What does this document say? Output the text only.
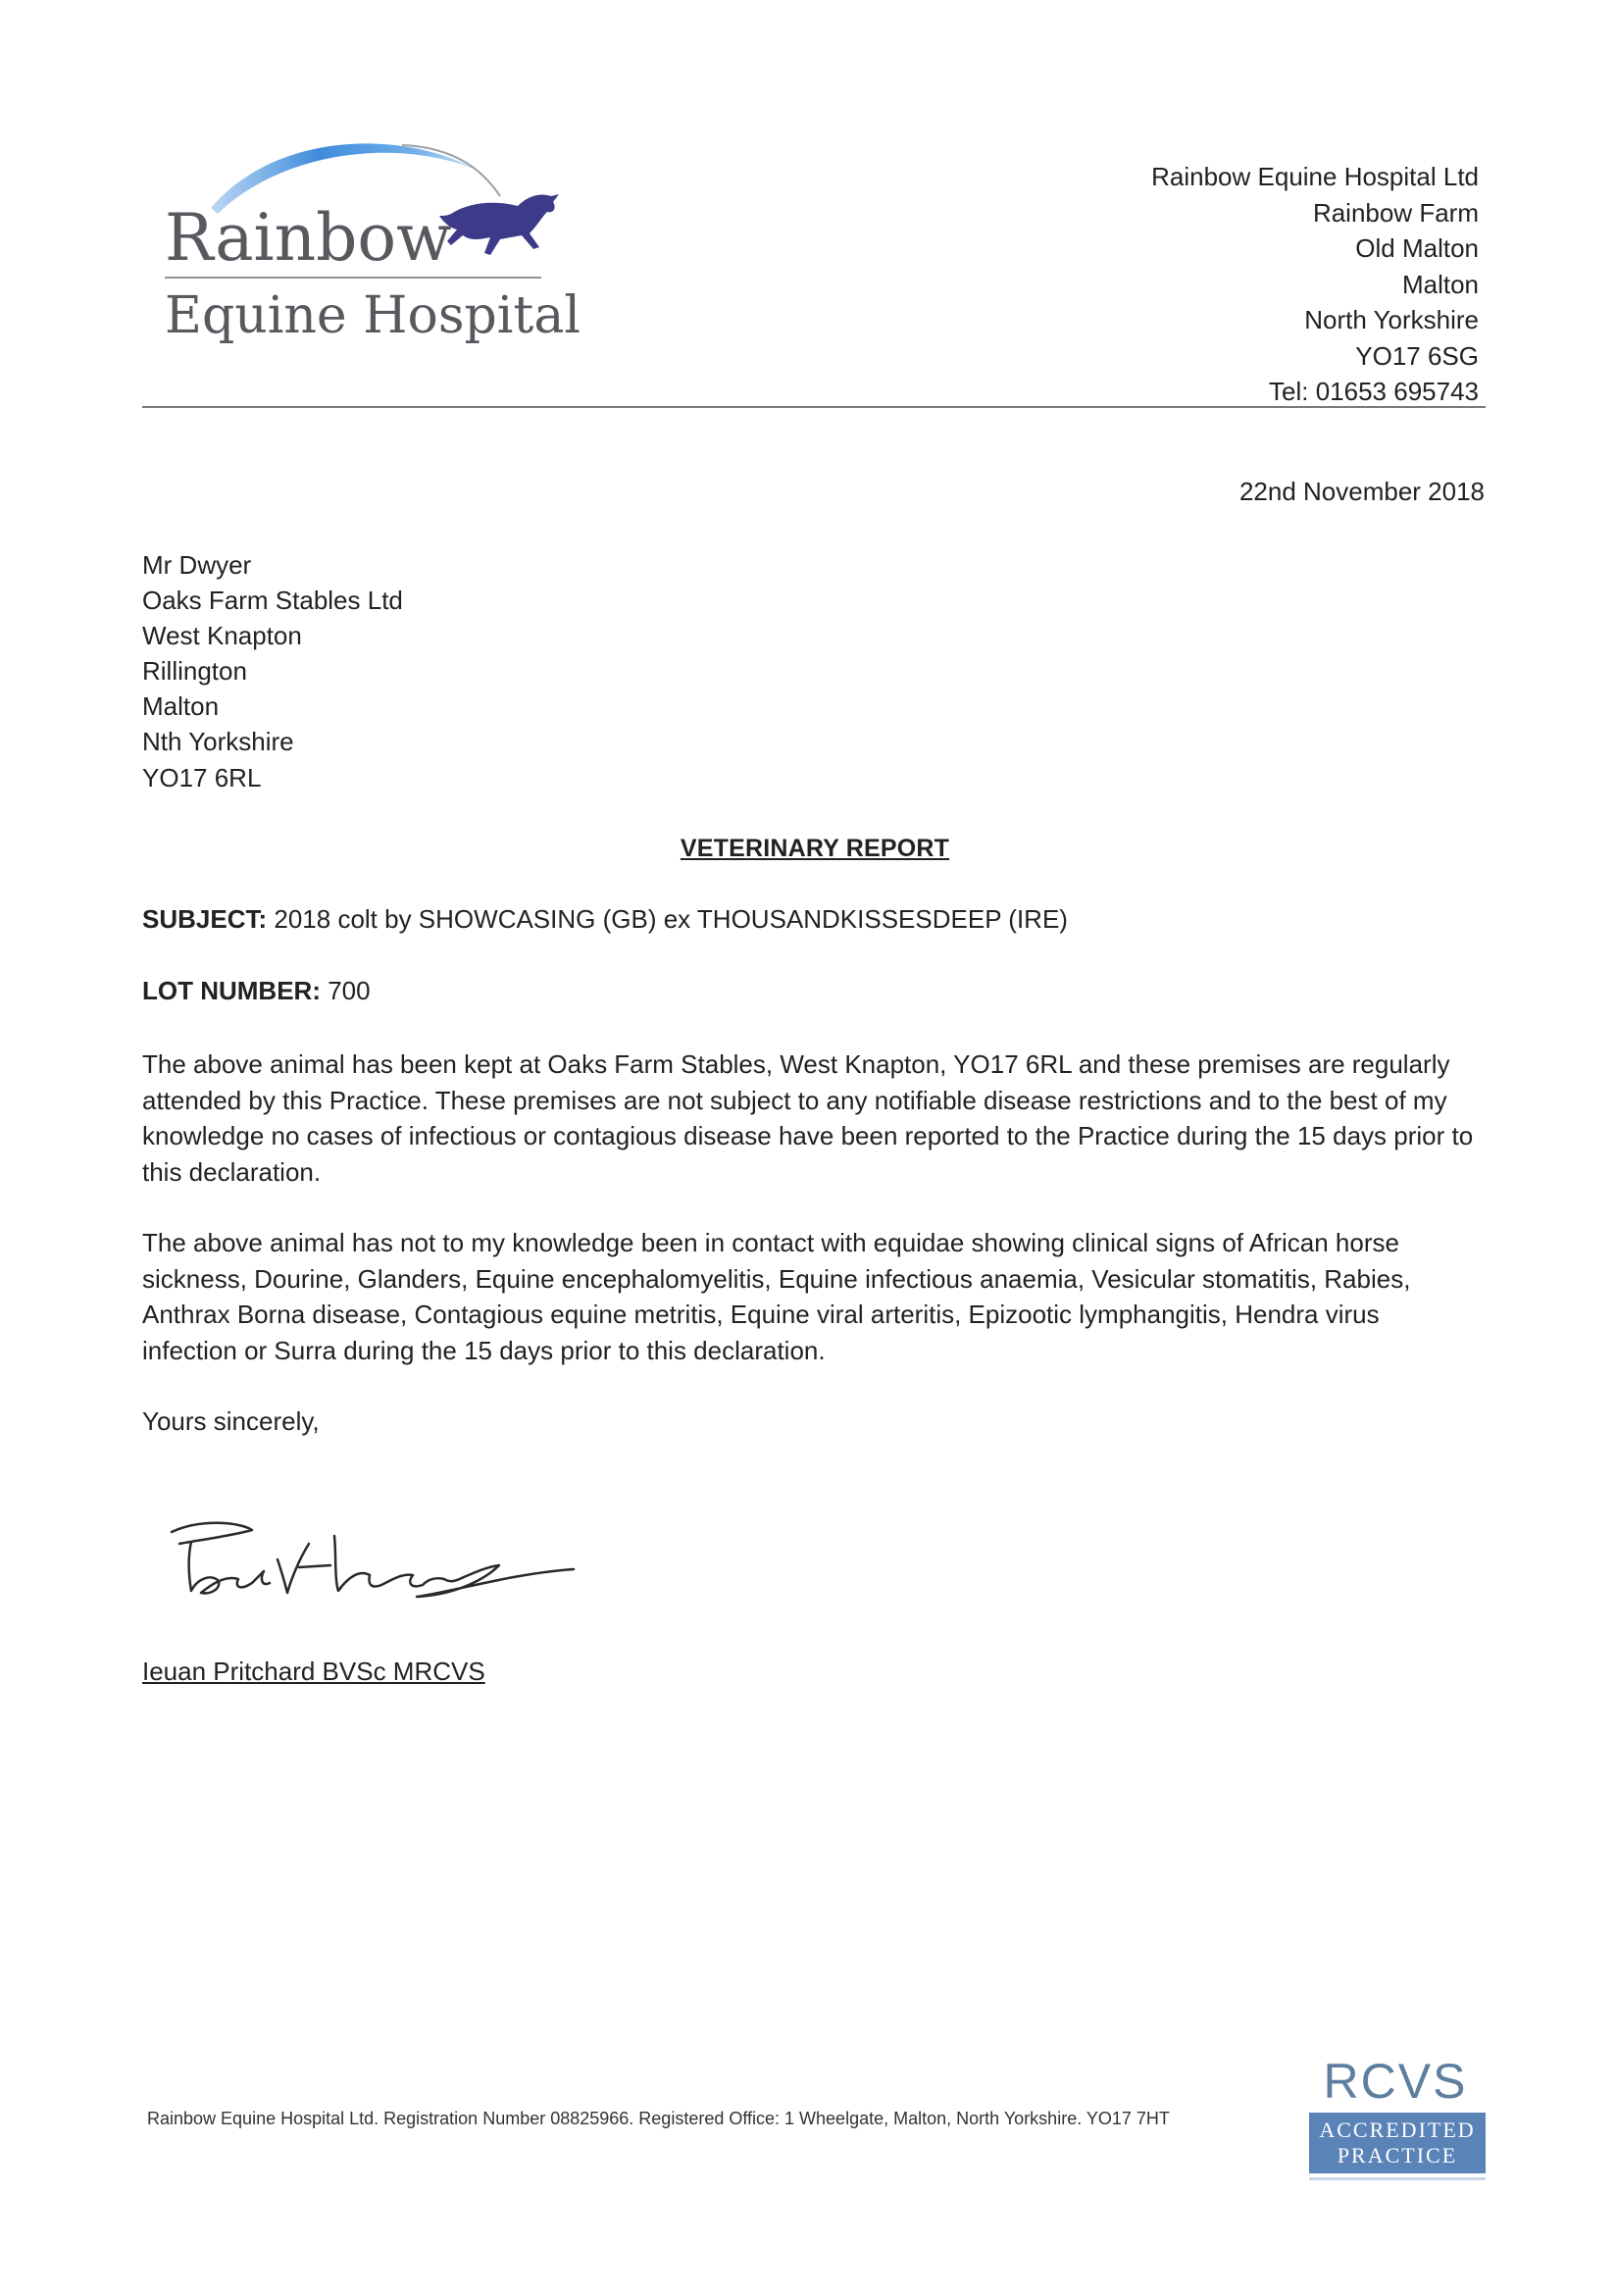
Rainbow
Equine Hospital
Rainbow Equine Hospital Ltd
Rainbow Farm
Old Malton
Malton
North Yorkshire
YO17 6SG
Tel: 01653 695743
22nd November 2018
Mr Dwyer
Oaks Farm Stables Ltd
West Knapton
Rillington
Malton
Nth Yorkshire
YO17 6RL
VETERINARY REPORT
SUBJECT: 2018 colt by SHOWCASING (GB) ex THOUSANDKISSESDEEP (IRE)
LOT NUMBER: 700
The above animal has been kept at Oaks Farm Stables, West Knapton, YO17 6RL and these premises are regularly attended by this Practice. These premises are not subject to any notifiable disease restrictions and to the best of my knowledge no cases of infectious or contagious disease have been reported to the Practice during the 15 days prior to this declaration.
The above animal has not to my knowledge been in contact with equidae showing clinical signs of African horse sickness, Dourine, Glanders, Equine encephalomyelitis, Equine infectious anaemia, Vesicular stomatitis, Rabies, Anthrax Borna disease, Contagious equine metritis, Equine viral arteritis, Epizootic lymphangitis, Hendra virus infection or Surra during the 15 days prior to this declaration.
Yours sincerely,
Ieuan Pritchard BVSc MRCVS
Rainbow Equine Hospital Ltd. Registration Number 08825966. Registered Office: 1 Wheelgate, Malton, North Yorkshire. YO17 7HT
RCVS
ACCREDITED
PRACTICE
